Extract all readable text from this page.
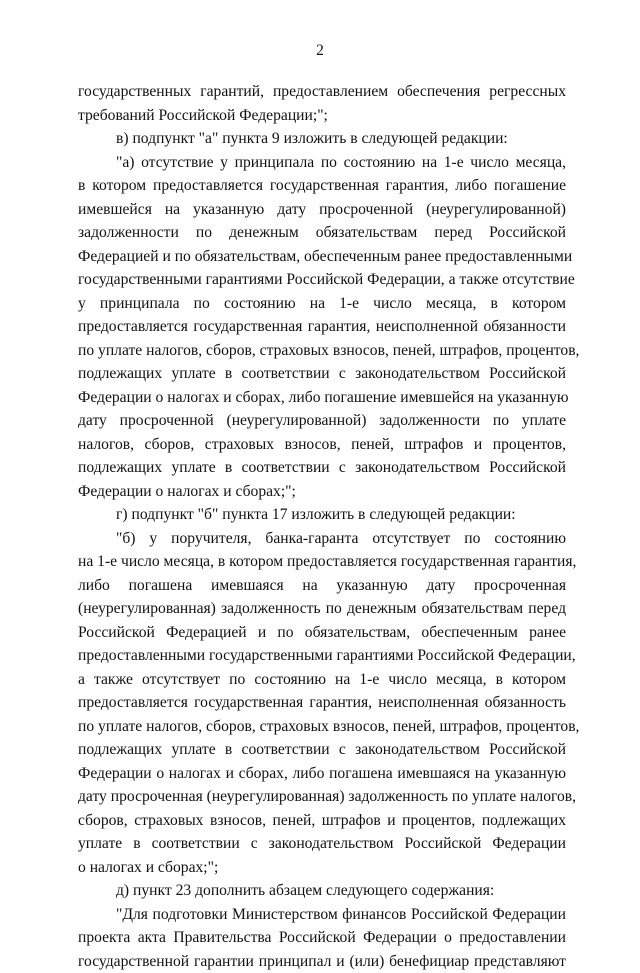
2
государственных гарантий, предоставлением обеспечения регрессных
требований Российской Федерации;";
в) подпункт "а" пункта 9 изложить в следующей редакции:
"а) отсутствие у принципала по состоянию на 1-е число месяца,
в котором предоставляется государственная гарантия, либо погашение
имевшейся на указанную дату просроченной (неурегулированной)
задолженности по денежным обязательствам перед Российской
Федерацией и по обязательствам, обеспеченным ранее предоставленными
государственными гарантиями Российской Федерации, а также отсутствие
у принципала по состоянию на 1-е число месяца, в котором
предоставляется государственная гарантия, неисполненной обязанности
по уплате налогов, сборов, страховых взносов, пеней, штрафов, процентов,
подлежащих уплате в соответствии с законодательством Российской
Федерации о налогах и сборах, либо погашение имевшейся на указанную
дату просроченной (неурегулированной) задолженности по уплате
налогов, сборов, страховых взносов, пеней, штрафов и процентов,
подлежащих уплате в соответствии с законодательством Российской
Федерации о налогах и сборах;";
г) подпункт "б" пункта 17 изложить в следующей редакции:
"б) у поручителя, банка-гаранта отсутствует по состоянию
на 1-е число месяца, в котором предоставляется государственная гарантия,
либо погашена имевшаяся на указанную дату просроченная
(неурегулированная) задолженность по денежным обязательствам перед
Российской Федерацией и по обязательствам, обеспеченным ранее
предоставленными государственными гарантиями Российской Федерации,
а также отсутствует по состоянию на 1-е число месяца, в котором
предоставляется государственная гарантия, неисполненная обязанность
по уплате налогов, сборов, страховых взносов, пеней, штрафов, процентов,
подлежащих уплате в соответствии с законодательством Российской
Федерации о налогах и сборах, либо погашена имевшаяся на указанную
дату просроченная (неурегулированная) задолженность по уплате налогов,
сборов, страховых взносов, пеней, штрафов и процентов, подлежащих
уплате в соответствии с законодательством Российской Федерации
о налогах и сборах;";
д) пункт 23 дополнить абзацем следующего содержания:
"Для подготовки Министерством финансов Российской Федерации
проекта акта Правительства Российской Федерации о предоставлении
государственной гарантии принципал и (или) бенефициар представляют
